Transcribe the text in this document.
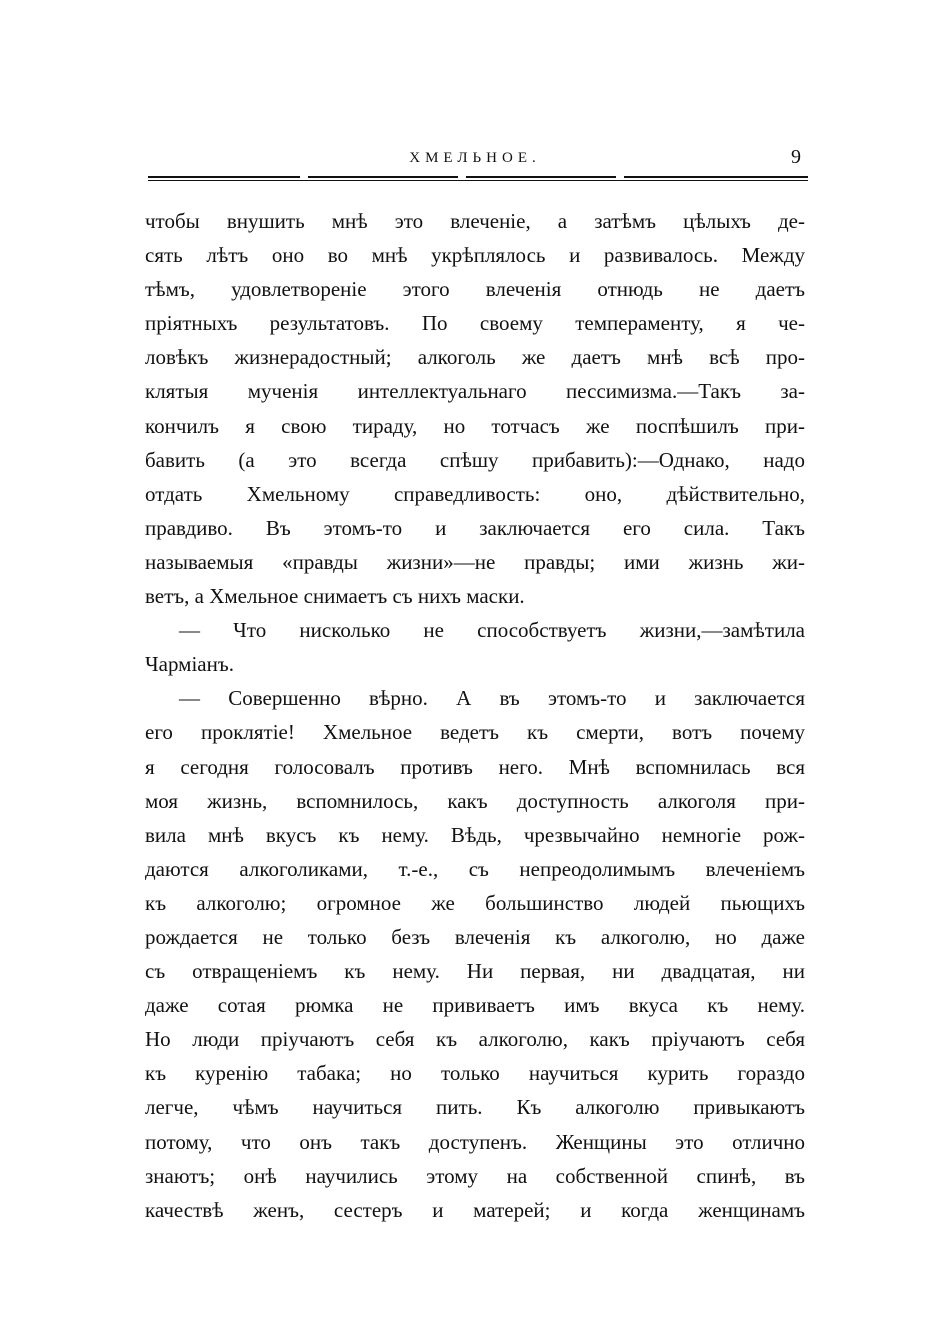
ХМЕЛЬНОЕ.	9
чтобы внушить мнѣ это влеченіе, а затѣмъ цѣлыхъ де-
сять лѣтъ оно во мнѣ укрѣплялось и развивалось. Между
тѣмъ, удовлетвореніе этого влеченія отнюдь не даетъ
пріятныхъ результатовъ. По своему темпераменту, я че-
ловѣкъ жизнерадостный; алкоголь же даетъ мнѣ всѣ про-
клятыя мученія интеллектуальнаго пессимизма.—Такъ за-
кончилъ я свою тираду, но тотчасъ же поспѣшилъ при-
бавить (а это всегда спѣшу прибавить):—Однако, надо
отдать Хмельному справедливость: оно, дѣйствительно,
правдиво. Въ этомъ-то и заключается его сила. Такъ
называемыя «правды жизни»—не правды; ими жизнь жи-
ветъ, а Хмельное снимаетъ съ нихъ маски.
— Что нисколько не способствуетъ жизни,—замѣтила
Чарміанъ.
— Совершенно вѣрно. А въ этомъ-то и заключается
его проклятіе! Хмельное ведетъ къ смерти, вотъ почему
я сегодня голосовалъ противъ него. Мнѣ вспомнилась вся
моя жизнь, вспомнилось, какъ доступность алкоголя при-
вила мнѣ вкусъ къ нему. Вѣдь, чрезвычайно немногіе рож-
даются алкоголиками, т.-е., съ непреодолимымъ влеченіемъ
къ алкоголю; огромное же большинство людей пьющихъ
рождается не только безъ влеченія къ алкоголю, но даже
съ отвращеніемъ къ нему. Ни первая, ни двадцатая, ни
даже сотая рюмка не прививаетъ имъ вкуса къ нему.
Но люди пріучаютъ себя къ алкоголю, какъ пріучаютъ себя
къ куренію табака; но только научиться курить гораздо
легче, чѣмъ научиться пить. Къ алкоголю привыкаютъ
потому, что онъ такъ доступенъ. Женщины это отлично
знаютъ; онѣ научились этому на собственной спинѣ, въ
качествѣ женъ, сестеръ и матерей; и когда женщинамъ
